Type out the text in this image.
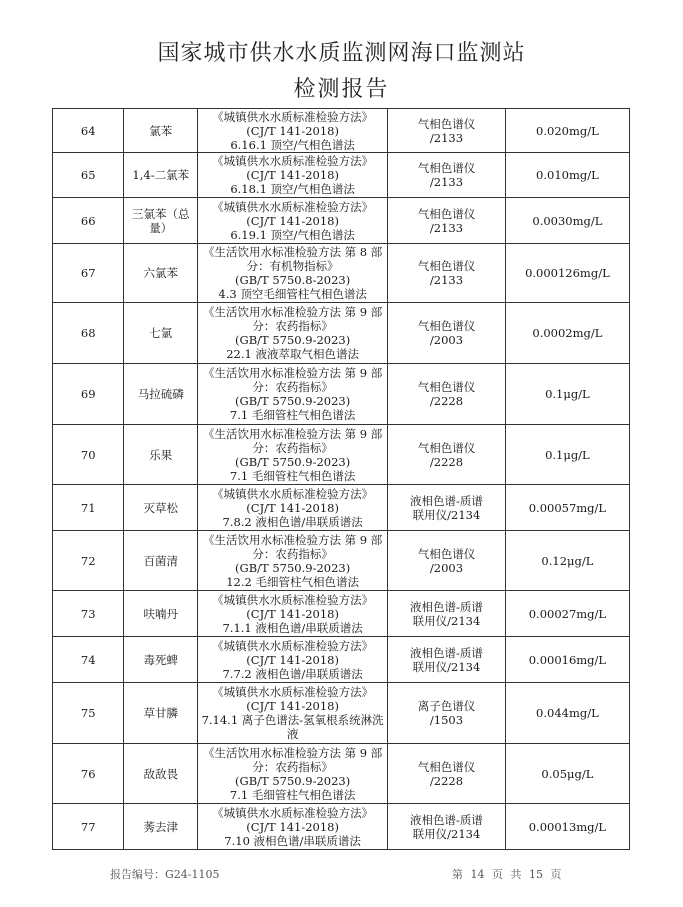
国家城市供水水质监测网海口监测站
检测报告
64	氯苯	《城镇供水水质标准检验方法》
(CJ/T 141-2018)
6.16.1 顶空/气相色谱法	气相色谱仪
/2133	0.020mg/L
65	1,4-二氯苯	《城镇供水水质标准检验方法》
(CJ/T 141-2018)
6.18.1 顶空/气相色谱法	气相色谱仪
/2133	0.010mg/L
66	三氯苯（总量）	《城镇供水水质标准检验方法》
(CJ/T 141-2018)
6.19.1 顶空/气相色谱法	气相色谱仪
/2133	0.0030mg/L
67	六氯苯	《生活饮用水标准检验方法 第 8 部
分：有机物指标》
(GB/T 5750.8-2023)
4.3 顶空毛细管柱气相色谱法	气相色谱仪
/2133	0.000126mg/L
68	七氯	《生活饮用水标准检验方法 第 9 部
分：农药指标》
(GB/T 5750.9-2023)
22.1 液液萃取气相色谱法	气相色谱仪
/2003	0.0002mg/L
69	马拉硫磷	《生活饮用水标准检验方法 第 9 部
分：农药指标》
(GB/T 5750.9-2023)
7.1 毛细管柱气相色谱法	气相色谱仪
/2228	0.1μg/L
70	乐果	《生活饮用水标准检验方法 第 9 部
分：农药指标》
(GB/T 5750.9-2023)
7.1 毛细管柱气相色谱法	气相色谱仪
/2228	0.1μg/L
71	灭草松	《城镇供水水质标准检验方法》
(CJ/T 141-2018)
7.8.2 液相色谱/串联质谱法	液相色谱-质谱
联用仪/2134	0.00057mg/L
72	百菌清	《生活饮用水标准检验方法 第 9 部
分：农药指标》
(GB/T 5750.9-2023)
12.2 毛细管柱气相色谱法	气相色谱仪
/2003	0.12μg/L
73	呋喃丹	《城镇供水水质标准检验方法》
(CJ/T 141-2018)
7.1.1 液相色谱/串联质谱法	液相色谱-质谱
联用仪/2134	0.00027mg/L
74	毒死蜱	《城镇供水水质标准检验方法》
(CJ/T 141-2018)
7.7.2 液相色谱/串联质谱法	液相色谱-质谱
联用仪/2134	0.00016mg/L
75	草甘膦	《城镇供水水质标准检验方法》
(CJ/T 141-2018)
7.14.1 离子色谱法-氢氧根系统淋洗
液	离子色谱仪
/1503	0.044mg/L
76	敌敌畏	《生活饮用水标准检验方法 第 9 部
分：农药指标》
(GB/T 5750.9-2023)
7.1 毛细管柱气相色谱法	气相色谱仪
/2228	0.05μg/L
77	莠去津	《城镇供水水质标准检验方法》
(CJ/T 141-2018)
7.10 液相色谱/串联质谱法	液相色谱-质谱
联用仪/2134	0.00013mg/L
报告编号：G24-1105	第 14 页 共 15 页
